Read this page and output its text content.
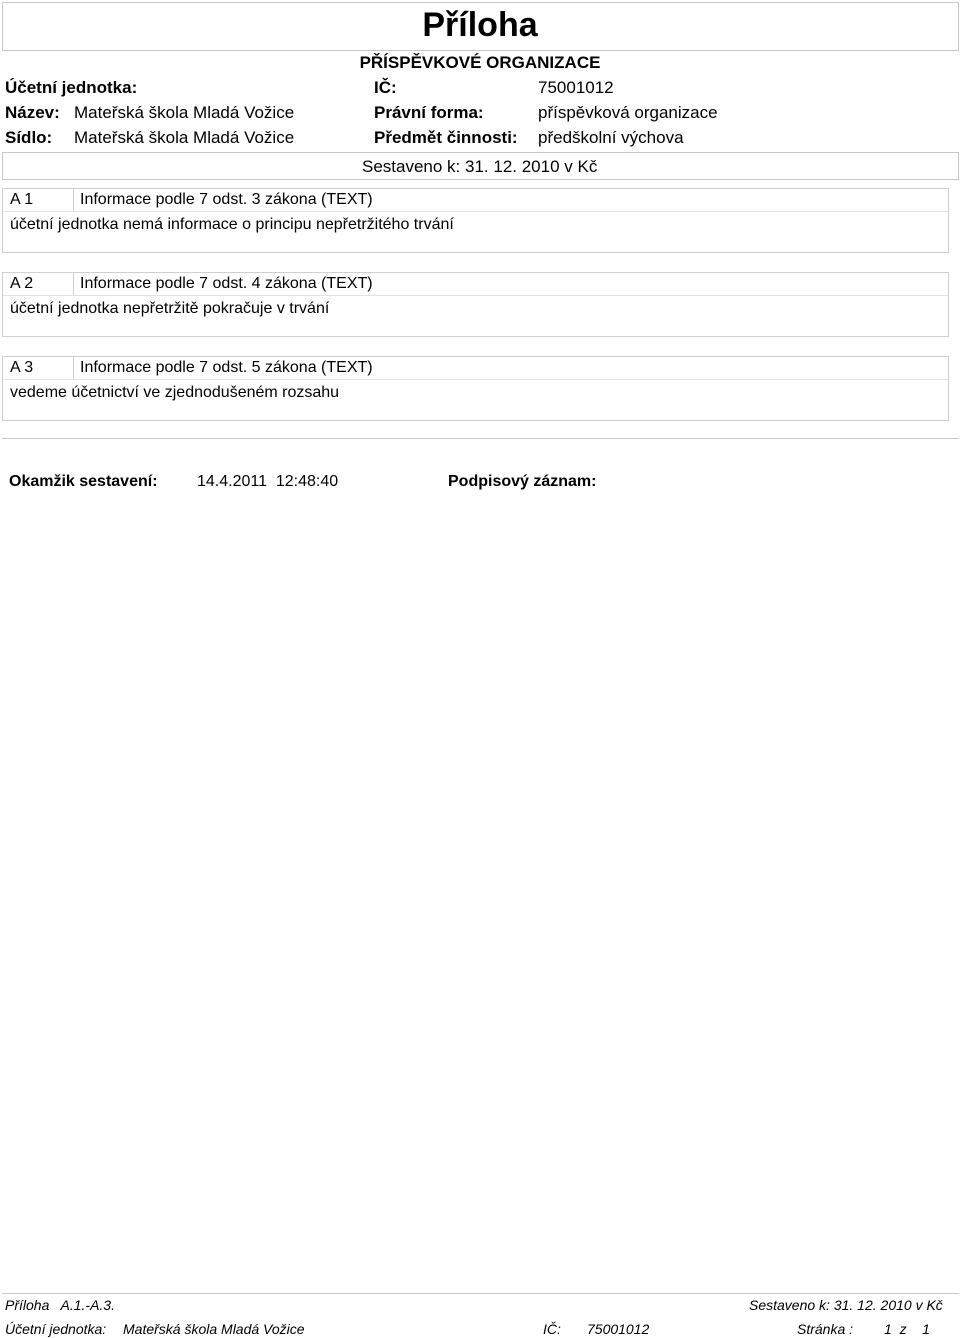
Příloha
PŘÍSPĚVKOVÉ ORGANIZACE
Účetní jednotka:	IČ:	75001012
Název: Mateřská škola Mladá Vožice	Právní forma:	příspěvková organizace
Sídlo: Mateřská škola Mladá Vožice	Předmět činnosti: předškolní výchova
Sestaveno k: 31. 12. 2010 v Kč
A 1	Informace podle 7 odst. 3 zákona (TEXT)
účetní jednotka nemá informace o principu nepřetržitého trvání
A 2	Informace podle 7 odst. 4 zákona (TEXT)
účetní jednotka nepřetržitě pokračuje v trvání
A 3	Informace podle 7 odst. 5 zákona (TEXT)
vedeme účetnictví ve zjednodušeném rozsahu
Okamžik sestavení: 14.4.2011  12:48:40	Podpisový záznam:
Příloha   A.1.-A.3.	Sestaveno k: 31. 12. 2010 v Kč
Účetní jednotka: Mateřská škola Mladá Vožice	IČ: 75001012	Stránka : 1  z    1
